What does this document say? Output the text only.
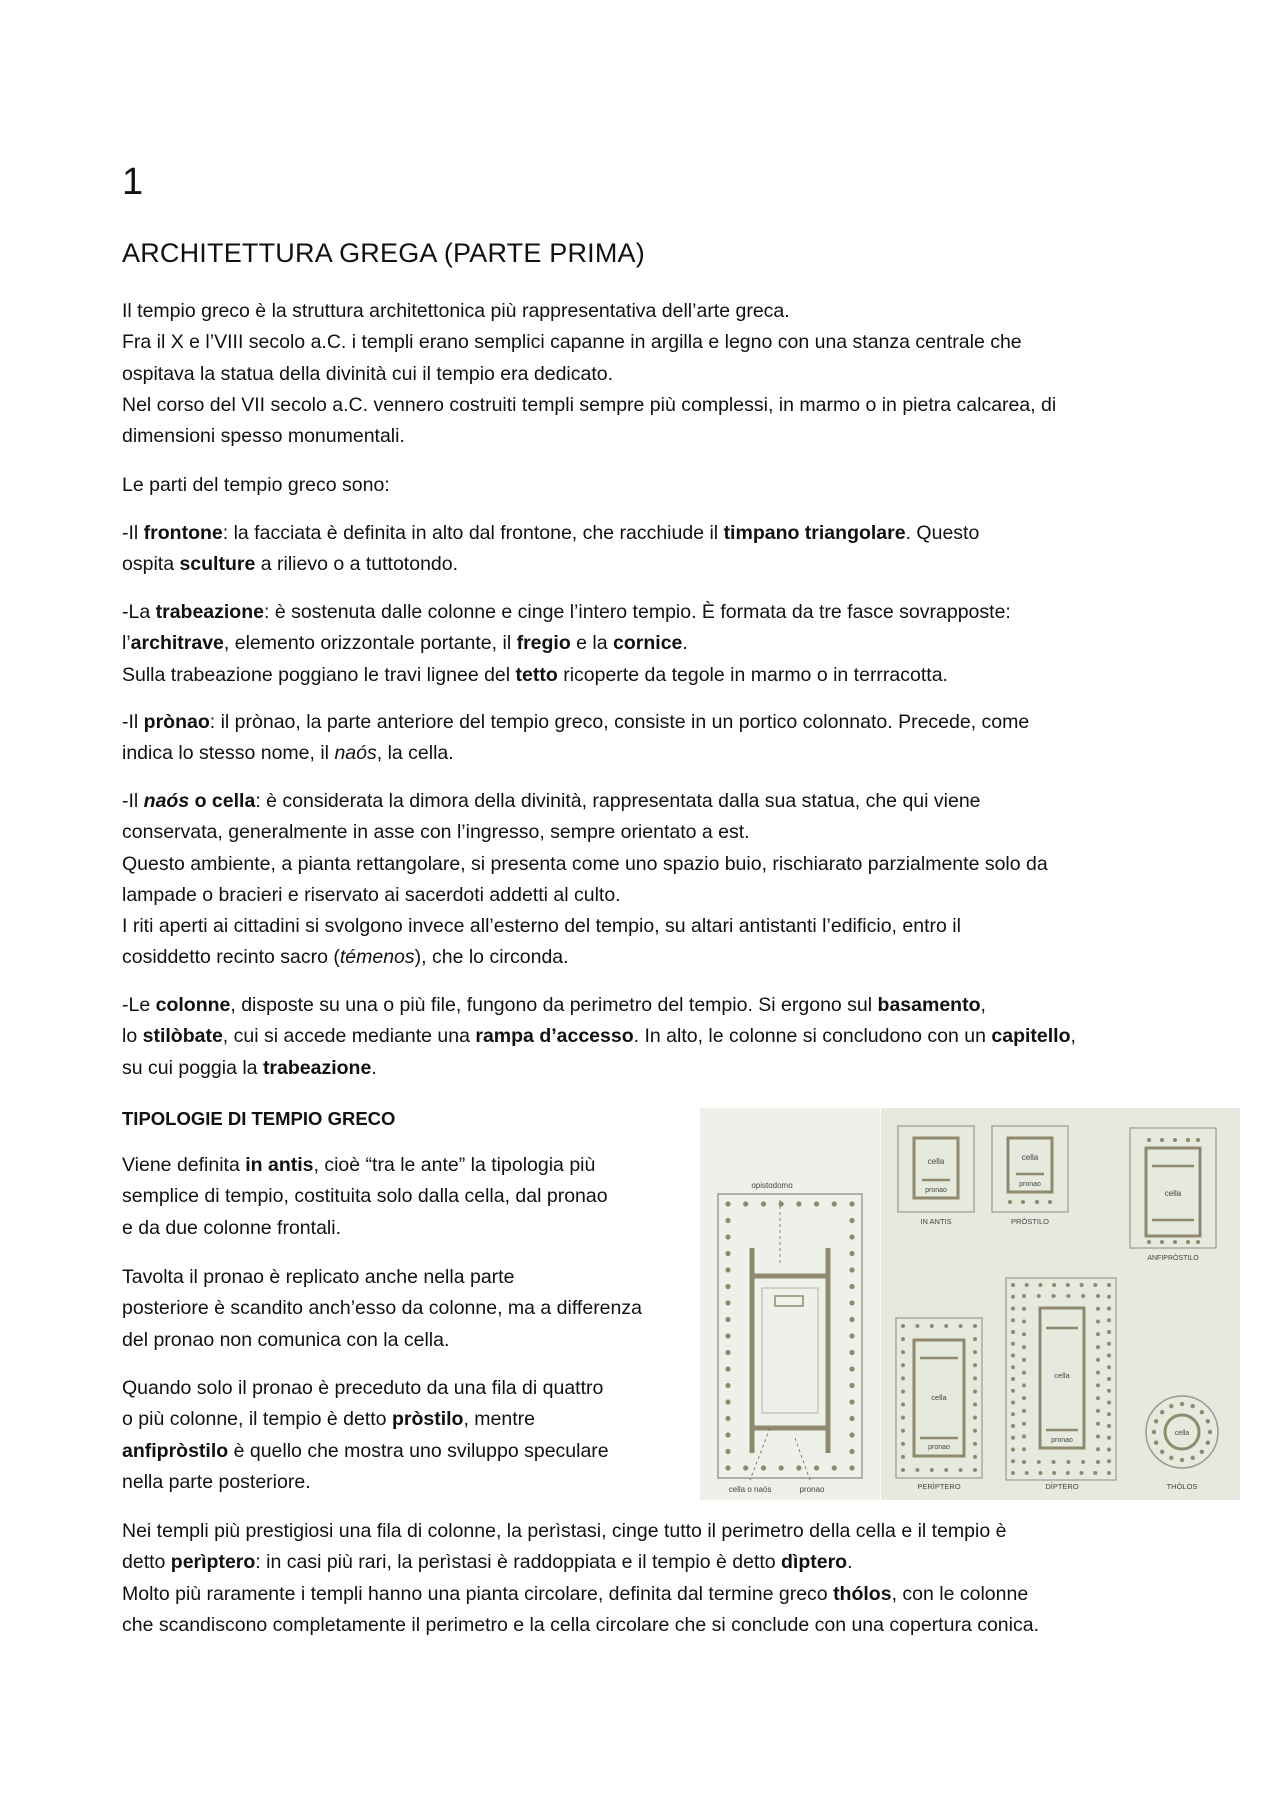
1
ARCHITETTURA GREGA (PARTE PRIMA)
Il tempio greco è la struttura architettonica più rappresentativa dell’arte greca.
Fra il X e l’VIII secolo a.C. i templi erano semplici capanne in argilla e legno con una stanza centrale che
ospitava la statua della divinità cui il tempio era dedicato.
Nel corso del VII secolo a.C. vennero costruiti templi sempre più complessi, in marmo o in pietra calcarea, di
dimensioni spesso monumentali.
Le parti del tempio greco sono:
-Il frontone: la facciata è definita in alto dal frontone, che racchiude il timpano triangolare. Questo
ospita sculture a rilievo o a tuttotondo.
-La trabeazione: è sostenuta dalle colonne e cinge l’intero tempio. È formata da tre fasce sovrapposte:
l’architrave, elemento orizzontale portante, il fregio e la cornice.
Sulla trabeazione poggiano le travi lignee del tetto ricoperte da tegole in marmo o in terrracotta.
-Il prònao: il prònao, la parte anteriore del tempio greco, consiste in un portico colonnato. Precede, come
indica lo stesso nome, il naós, la cella.
-Il naós o cella: è considerata la dimora della divinità, rappresentata dalla sua statua, che qui viene
conservata, generalmente in asse con l’ingresso, sempre orientato a est.
Questo ambiente, a pianta rettangolare, si presenta come uno spazio buio, rischiarato parzialmente solo da
lampade o bracieri e riservato ai sacerdoti addetti al culto.
I riti aperti ai cittadini si svolgono invece all’esterno del tempio, su altari antistanti l’edificio, entro il
cosiddetto recinto sacro (témenos), che lo circonda.
-Le colonne, disposte su una o più file, fungono da perimetro del tempio. Si ergono sul basamento,
lo stilòbate, cui si accede mediante una rampa d’accesso. In alto, le colonne si concludono con un capitello,
su cui poggia la trabeazione.
TIPOLOGIE DI TEMPIO GRECO
Viene definita in antis, cioè “tra le ante” la tipologia più
semplice di tempio, costituita solo dalla cella, dal pronao
e da due colonne frontali.
Tavolta il pronao è replicato anche nella parte
posteriore è scandito anch’esso da colonne, ma a differenza
del pronao non comunica con la cella.
Quando solo il pronao è preceduto da una fila di quattro
o più colonne, il tempio è detto pròstilo, mentre
anfipròstilo è quello che mostra uno sviluppo speculare
nella parte posteriore.
Nei templi più prestigiosi una fila di colonne, la perìstasi, cinge tutto il perimetro della cella e il tempio è
detto perìptero: in casi più rari, la perìstasi è raddoppiata e il tempio è detto dìptero.
Molto più raramente i templi hanno una pianta circolare, definita dal termine greco thólos, con le colonne
che scandiscono completamente il perimetro e la cella circolare che si conclude con una copertura conica.
opistodomo
cella o naós	pronao
cella
pronao
IN ANTIS
cella
pronao
PRÒSTILO
cella
ANFIPRÒSTILO
cella
pronao
PERÌPTERO
cella
pronao
DÌPTERO
cella
THÓLOS
